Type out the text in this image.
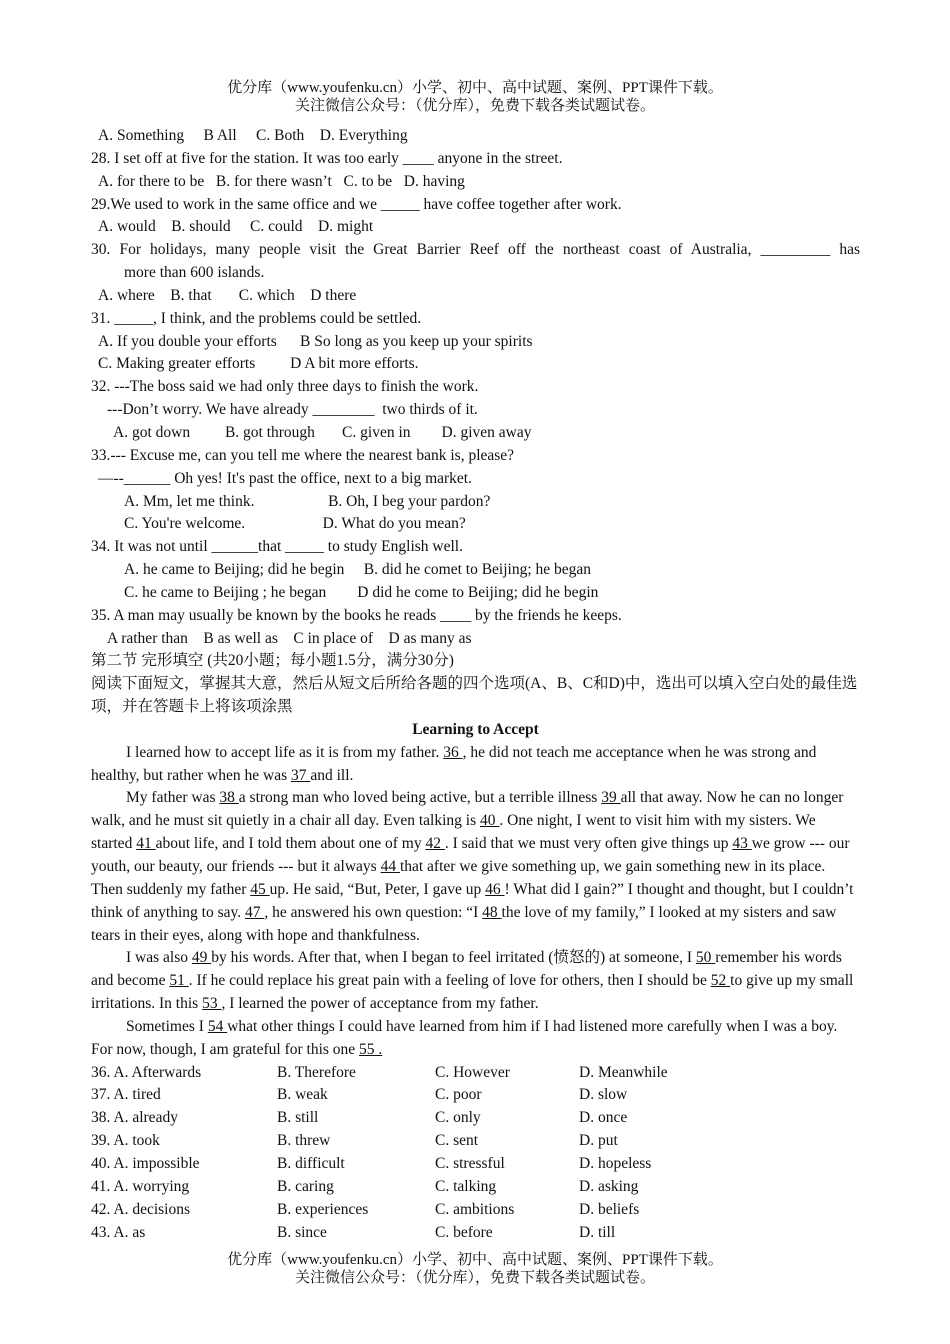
优分库（www.youfenku.cn）小学、初中、高中试题、案例、PPT课件下载。
关注微信公众号：（优分库），免费下载各类试题试卷。
A. Something     B All     C. Both    D. Everything
28. I set off at five for the station. It was too early ____ anyone in the street.
A. for there to be   B. for there wasn’t   C. to be   D. having
29.We used to work in the same office and we _____ have coffee together after work.
A. would    B. should     C. could    D. might
30. For holidays, many people visit the Great Barrier Reef off the northeast coast of Australia, _________ has
more than 600 islands.
A. where    B. that       C. which    D there
31. _____, I think, and the problems could be settled.
A. If you double your efforts      B So long as you keep up your spirits
C. Making greater efforts         D A bit more efforts.
32. ---The boss said we had only three days to finish the work.
---Don’t worry. We have already ________  two thirds of it.
A. got down         B. got through       C. given in        D. given away
33.--- Excuse me, can you tell me where the nearest bank is, please?
—--______ Oh yes! It's past the office, next to a big market.
A. Mm, let me think.                   B. Oh, I beg your pardon?
C. You're welcome.                    D. What do you mean?
34. It was not until ______that _____ to study English well.
A. he came to Beijing; did he begin     B. did he comet to Beijing; he began
C. he came to Beijing ; he began        D did he come to Beijing; did he begin
35. A man may usually be known by the books he reads ____ by the friends he keeps.
A rather than    B as well as    C in place of    D as many as
第二节 完形填空 (共20小题；每小题1.5分，满分30分)
阅读下面短文，掌握其大意，然后从短文后所给各题的四个选项(A、B、C和D)中，选出可以填入空白处的最佳选项，并在答题卡上将该项涂黑
Learning to Accept
I learned how to accept life as it is from my father. 36 , he did not teach me acceptance when he was strong and healthy, but rather when he was 37 and ill.
My father was 38 a strong man who loved being active, but a terrible illness 39 all that away. Now he can no longer walk, and he must sit quietly in a chair all day. Even talking is 40 . One night, I went to visit him with my sisters. We started 41 about life, and I told them about one of my 42 . I said that we must very often give things up 43 we grow --- our youth, our beauty, our friends --- but it always 44 that after we give something up, we gain something new in its place. Then suddenly my father 45 up. He said, “But, Peter, I gave up 46 ! What did I gain?” I thought and thought, but I couldn’t think of anything to say. 47 , he answered his own question: “I 48 the love of my family,” I looked at my sisters and saw tears in their eyes, along with hope and thankfulness.
I was also 49 by his words. After that, when I began to feel irritated (愤怒的) at someone, I 50 remember his words and become 51 . If he could replace his great pain with a feeling of love for others, then I should be 52 to give up my small irritations. In this 53 , I learned the power of acceptance from my father.
Sometimes I 54 what other things I could have learned from him if I had listened more carefully when I was a boy. For now, though, I am grateful for this one 55 .
36. A. Afterwards	B. Therefore	C. However	D. Meanwhile
37. A. tired	B. weak	C. poor	D. slow
38. A. already	B. still	C. only	D. once
39. A. took	B. threw	C. sent	D. put
40. A. impossible	B. difficult	C. stressful	D. hopeless
41. A. worrying	B. caring	C. talking	D. asking
42. A. decisions	B. experiences	C. ambitions	D. beliefs
43. A. as	B. since	C. before	D. till
优分库（www.youfenku.cn）小学、初中、高中试题、案例、PPT课件下载。
关注微信公众号：（优分库），免费下载各类试题试卷。
